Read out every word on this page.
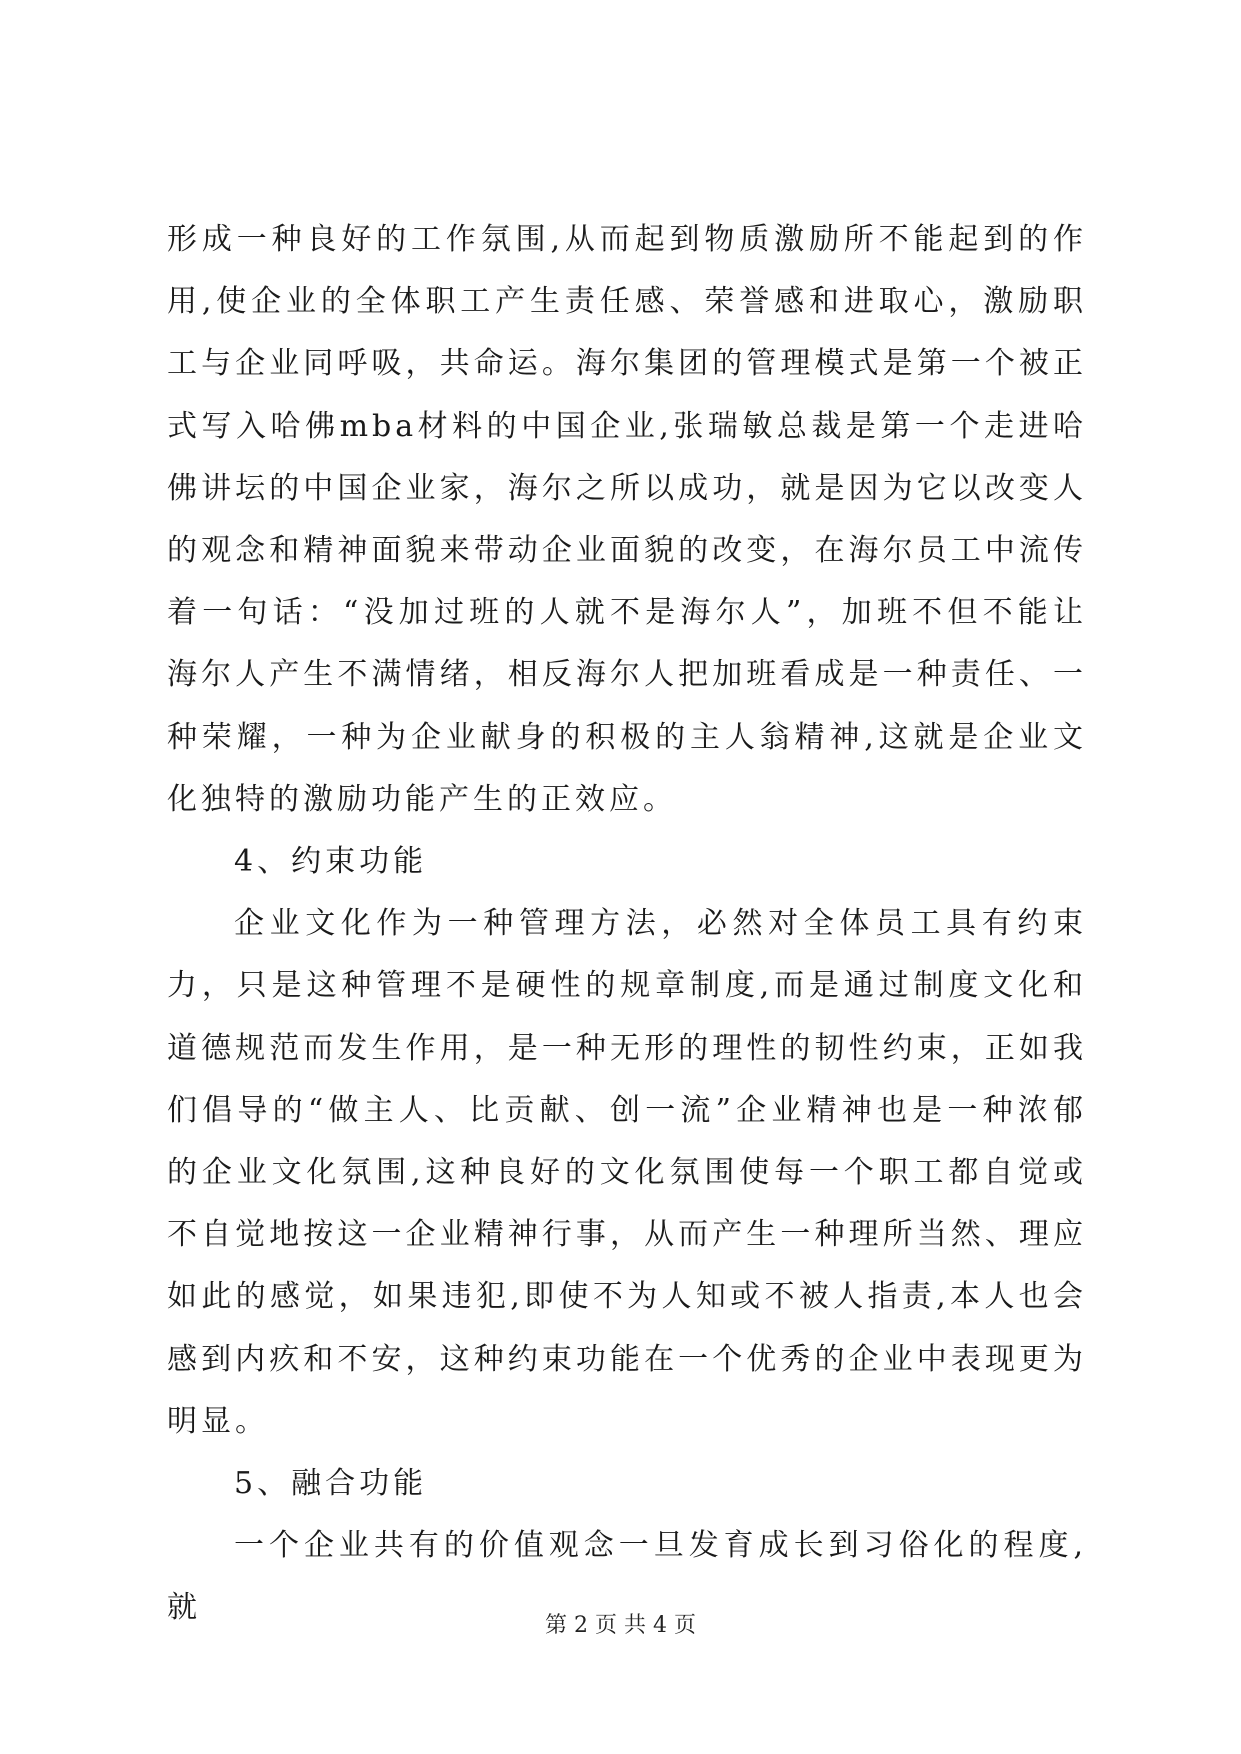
形成一种良好的工作氛围,从而起到物质激励所不能起到的作用,使企业的全体职工产生责任感、荣誉感和进取心，激励职工与企业同呼吸，共命运。海尔集团的管理模式是第一个被正式写入哈佛mba材料的中国企业,张瑞敏总裁是第一个走进哈佛讲坛的中国企业家，海尔之所以成功，就是因为它以改变人的观念和精神面貌来带动企业面貌的改变，在海尔员工中流传着一句话：“没加过班的人就不是海尔人”，加班不但不能让海尔人产生不满情绪，相反海尔人把加班看成是一种责任、一种荣耀，一种为企业献身的积极的主人翁精神,这就是企业文化独特的激励功能产生的正效应。

4、约束功能

企业文化作为一种管理方法，必然对全体员工具有约束力，只是这种管理不是硬性的规章制度,而是通过制度文化和道德规范而发生作用，是一种无形的理性的韧性约束，正如我们倡导的“做主人、比贡献、创一流”企业精神也是一种浓郁的企业文化氛围,这种良好的文化氛围使每一个职工都自觉或不自觉地按这一企业精神行事，从而产生一种理所当然、理应如此的感觉，如果违犯,即使不为人知或不被人指责,本人也会感到内疚和不安，这种约束功能在一个优秀的企业中表现更为明显。

5、融合功能

一个企业共有的价值观念一旦发育成长到习俗化的程度,就

第 2 页 共 4 页
